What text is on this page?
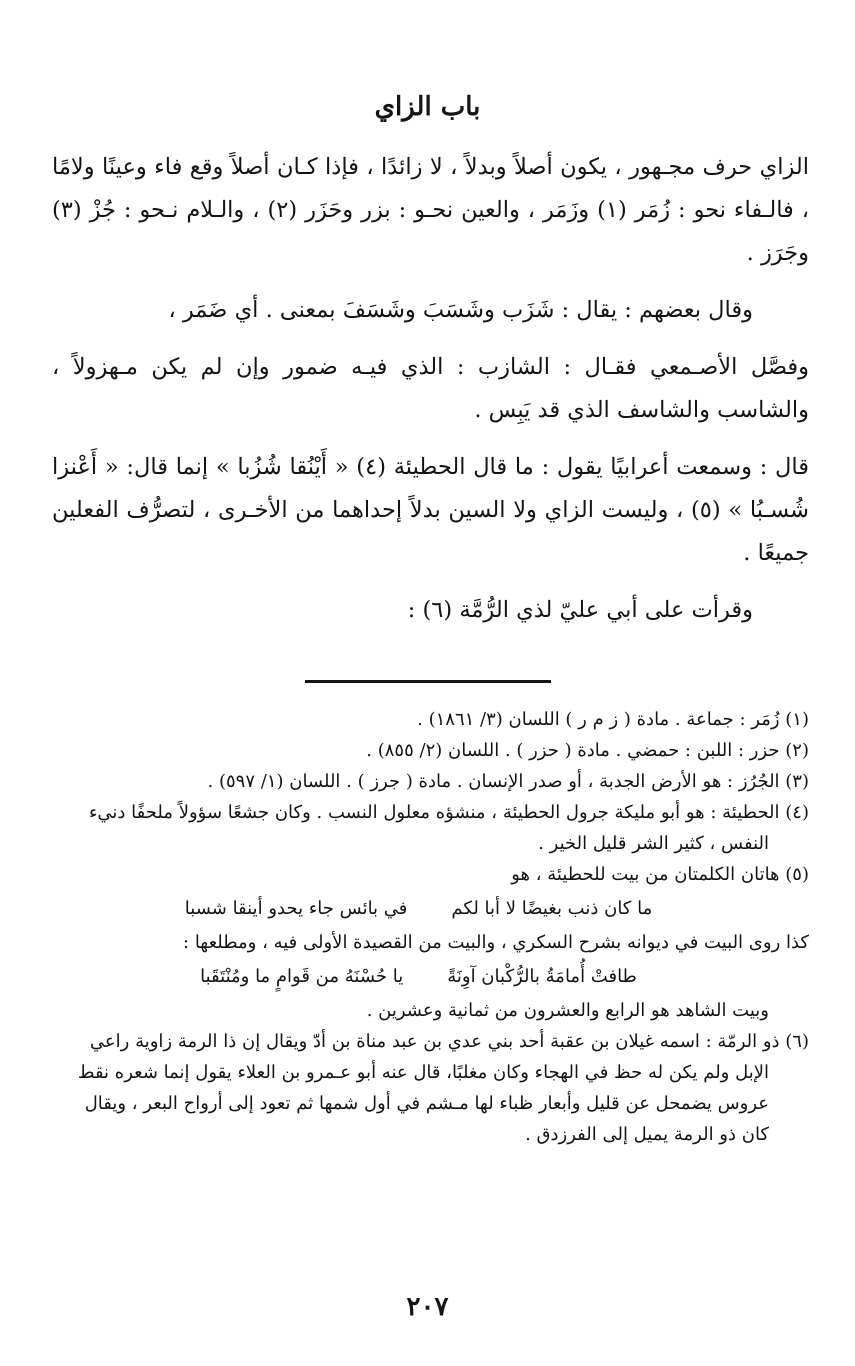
باب الزاي

الزاي حرف مجـهور ، يكون أصلاً وبدلاً ، لا زائدًا ، فإذا كـان أصلاً وقع فاء وعينًا ولامًا ، فالـفاء نحو : زُمَر (١) وزَمَر ، والعين نحـو : بزر وحَزَر (٢) ، والـلام نـحو : جُزْ (٣) وجَرَز .

وقال بعضهم : يقال : شَزَب وشَسَبَ وشَسَفَ بمعنى . أي ضَمَر ،

وفصَّل الأصـمعي فقـال : الشازب : الذي فيـه ضمور وإن لم يكن مـهزولاً ، والشاسب والشاسف الذي قد يَبِس .

قال : وسمعت أعرابيًا يقول : ما قال الحطيئة (٤) « أَيْنُقا شُزُبا » إنما قال: « أَعْنزا شُسـبُا » (٥) ، وليست الزاي ولا السين بدلاً إحداهما من الأخـرى ، لتصرُّف الفعلين جميعًا .

وقرأت على أبي عليّ لذي الرُّمَّة (٦) :

(١) زُمَر : جماعة . مادة ( ز م ر ) اللسان (٣/ ١٨٦١) .

(٢) حزر : اللبن : حمضي . مادة ( حزر ) . اللسان (٢/ ٨٥٥) .

(٣) الجُرُز : هو الأرض الجدبة ، أو صدر الإنسان . مادة ( جرز ) . اللسان (١/ ٥٩٧) .

(٤) الحطيئة : هو أبو مليكة جرول الحطيئة ، منشؤه معلول النسب . وكان جشعًا سؤولاً ملحفًا دنيء

النفس ، كثير الشر قليل الخير .

(٥) هاتان الكلمتان من بيت للحطيئة ، هو

ما كان ذنب بغيضًا لا أبا لكم
في بائس جاء يحدو أينقا شسبا

كذا روى البيت في ديوانه بشرح السكري ، والبيت من القصيدة الأولى فيه ، ومطلعها :

طافتْ أُمامَةُ بالرُّكْبان آوِنَةً
يا حُسْنَهُ من قَوامٍ ما ومُنْتَقَبا

وبيت الشاهد هو الرابع والعشرون من ثمانية وعشرين .

(٦) ذو الرمّة : اسمه غيلان بن عقبة أحد بني عدي بن عبد مناة بن أدّ ويقال إن ذا الرمة زاوية راعي

الإبل ولم يكن له حظ في الهجاء وكان مغلبًا، قال عنه أبو عـمرو بن العلاء يقول إنما شعره نقط

عروس يضمحل عن قليل وأبعار ظباء لها مـشم في أول شمها ثم تعود إلى أرواح البعر ، ويقال

كان ذو الرمة يميل إلى الفرزدق .

٢٠٧
